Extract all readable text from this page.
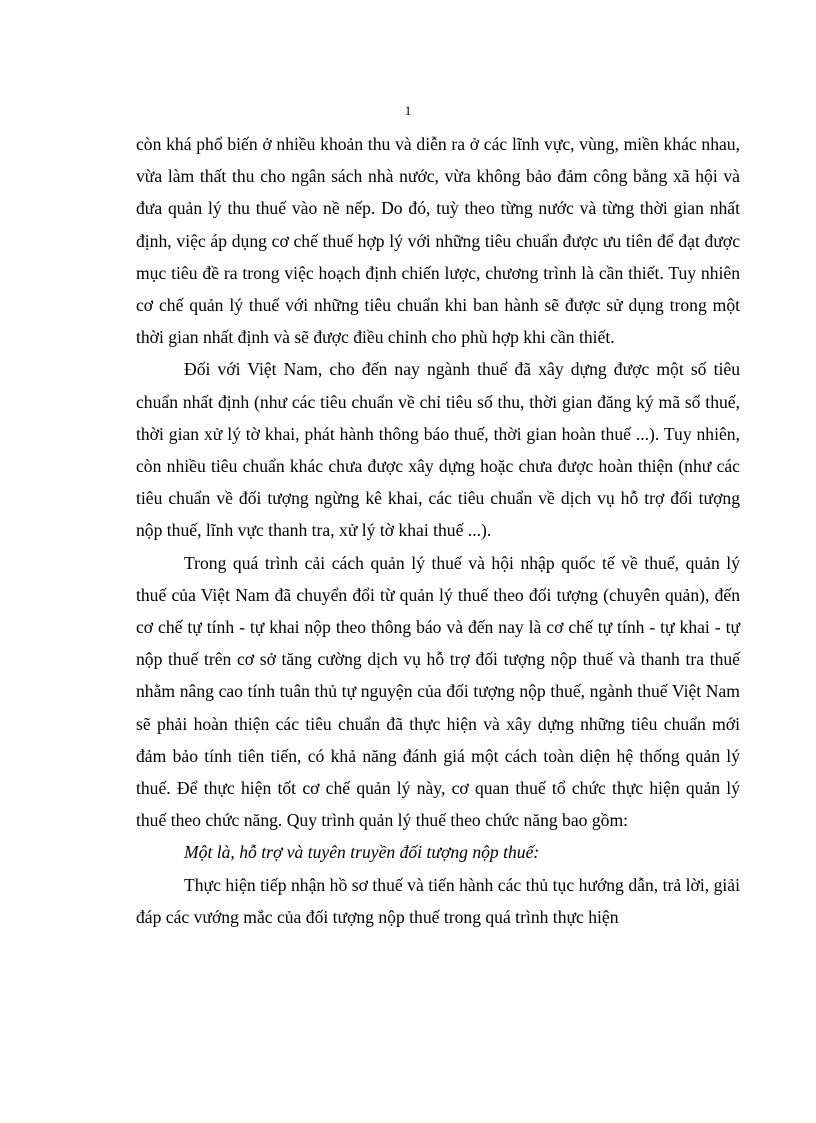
1

còn khá phổ biến ở nhiều khoản thu và diễn ra ở các lĩnh vực, vùng, miền khác nhau, vừa làm thất thu cho ngân sách nhà nước, vừa không bảo đảm công bằng xã hội và đưa quản lý thu thuế vào nề nếp. Do đó, tuỳ theo từng nước và từng thời gian nhất định, việc áp dụng cơ chế thuế hợp lý với những tiêu chuẩn được ưu tiên để đạt được mục tiêu đề ra trong việc hoạch định chiến lược, chương trình là cần thiết. Tuy nhiên cơ chế quản lý thuế với những tiêu chuẩn khi ban hành sẽ được sử dụng trong một thời gian nhất định và sẽ được điều chỉnh cho phù hợp khi cần thiết.

Đối với Việt Nam, cho đến nay ngành thuế đã xây dựng được một số tiêu chuẩn nhất định (như các tiêu chuẩn về chỉ tiêu số thu, thời gian đăng ký mã số thuế, thời gian xử lý tờ khai, phát hành thông báo thuế, thời gian hoàn thuế ...). Tuy nhiên, còn nhiều tiêu chuẩn khác chưa được xây dựng hoặc chưa được hoàn thiện (như các tiêu chuẩn về đối tượng ngừng kê khai, các tiêu chuẩn về dịch vụ hỗ trợ đối tượng nộp thuế, lĩnh vực thanh tra, xử lý tờ khai thuế ...).

Trong quá trình cải cách quản lý thuế và hội nhập quốc tế về thuế, quản lý thuế của Việt Nam đã chuyển đổi từ quản lý thuế theo đối tượng (chuyên quản), đến cơ chế tự tính - tự khai nộp theo thông báo và đến nay là cơ chế tự tính - tự khai - tự nộp thuế trên cơ sở tăng cường dịch vụ hỗ trợ đối tượng nộp thuế và thanh tra thuế nhằm nâng cao tính tuân thủ tự nguyện của đối tượng nộp thuế, ngành thuế Việt Nam sẽ phải hoàn thiện các tiêu chuẩn đã thực hiện và xây dựng những tiêu chuẩn mới đảm bảo tính tiên tiến, có khả năng đánh giá một cách toàn diện hệ thống quản lý thuế. Để thực hiện tốt cơ chế quản lý này, cơ quan thuế tổ chức thực hiện quản lý thuế theo chức năng. Quy trình quản lý thuế theo chức năng bao gồm:

Một là, hỗ trợ và tuyên truyền đối tượng nộp thuế:

Thực hiện tiếp nhận hồ sơ thuế và tiến hành các thủ tục hướng dẫn, trả lời, giải đáp các vướng mắc của đối tượng nộp thuế trong quá trình thực hiện
